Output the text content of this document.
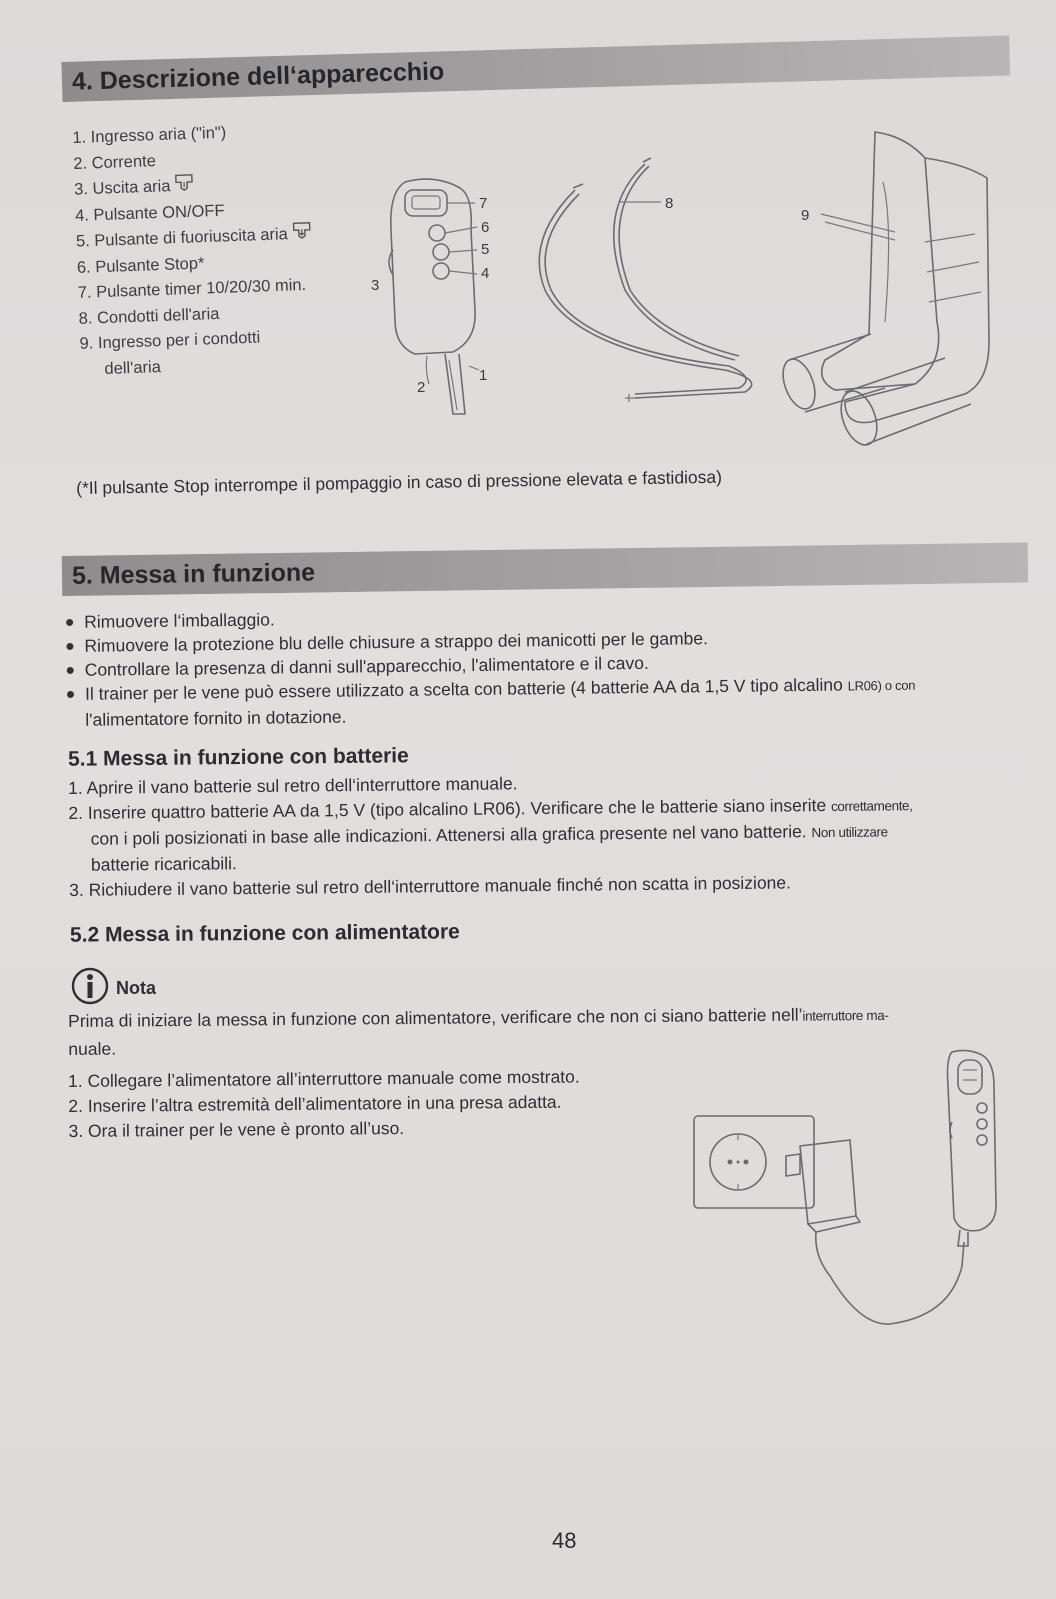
4. Descrizione dell‘apparecchio
1. Ingresso aria ("in")
2. Corrente
3. Uscita aria
4. Pulsante ON/OFF
5. Pulsante di fuoriuscita aria
6. Pulsante Stop*
7. Pulsante timer 10/20/30 min.
8. Condotti dell'aria
9. Ingresso per i condotti
dell'aria
7
6
5
4
3
2
1
8
9
(*Il pulsante Stop interrompe il pompaggio in caso di pressione elevata e fastidiosa)
5. Messa in funzione
Rimuovere l‘imballaggio.
Rimuovere la protezione blu delle chiusure a strappo dei manicotti per le gambe.
Controllare la presenza di danni sull'apparecchio, l'alimentatore e il cavo.
Il trainer per le vene può essere utilizzato a scelta con batterie (4 batterie AA da 1,5 V tipo alcalino LR06) o con
l'alimentatore fornito in dotazione.
5.1 Messa in funzione con batterie
1. Aprire il vano batterie sul retro dell‘interruttore manuale.
2. Inserire quattro batterie AA da 1,5 V (tipo alcalino LR06). Verificare che le batterie siano inserite correttamente,
con i poli posizionati in base alle indicazioni. Attenersi alla grafica presente nel vano batterie. Non utilizzare
batterie ricaricabili.
3. Richiudere il vano batterie sul retro dell‘interruttore manuale finché non scatta in posizione.
5.2 Messa in funzione con alimentatore
Nota
Prima di iniziare la messa in funzione con alimentatore, verificare che non ci siano batterie nell’interruttore ma-
nuale.
1. Collegare l’alimentatore all’interruttore manuale come mostrato.
2. Inserire l’altra estremità dell’alimentatore in una presa adatta.
3. Ora il trainer per le vene è pronto all’uso.
48
